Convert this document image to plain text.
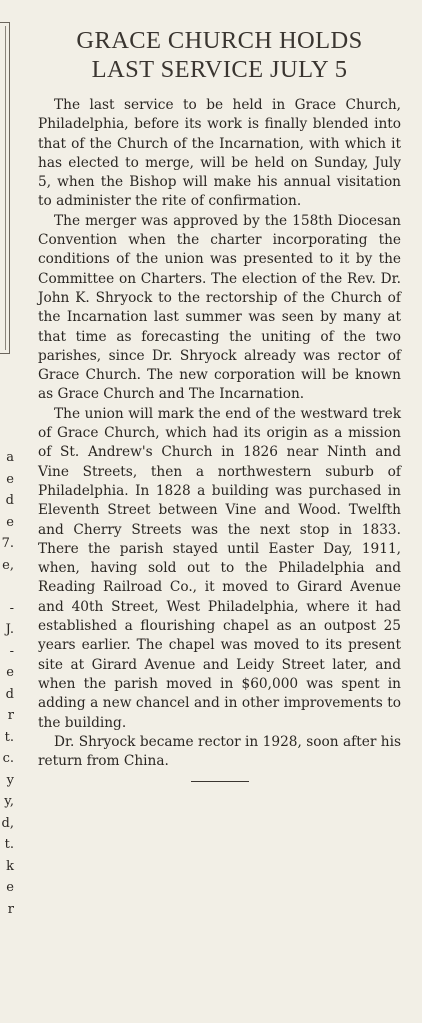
a
e
d
e
7.
e,
-
J.
-
e
d
r
t.
c.
y
y,
d,
t.
k
e
r
GRACE CHURCH HOLDS
LAST SERVICE JULY 5

The last service to be held in Grace Church, Philadelphia, before its work is finally blended into that of the Church of the Incarnation, with which it has elected to merge, will be held on Sunday, July 5, when the Bishop will make his annual visitation to administer the rite of confirmation.

The merger was approved by the 158th Diocesan Convention when the charter incorporating the conditions of the union was presented to it by the Committee on Charters. The election of the Rev. Dr. John K. Shryock to the rectorship of the Church of the Incarnation last summer was seen by many at that time as forecasting the uniting of the two parishes, since Dr. Shryock already was rector of Grace Church. The new corporation will be known as Grace Church and The Incarnation.

The union will mark the end of the westward trek of Grace Church, which had its origin as a mission of St. Andrew's Church in 1826 near Ninth and Vine Streets, then a northwestern suburb of Philadelphia. In 1828 a building was purchased in Eleventh Street between Vine and Wood. Twelfth and Cherry Streets was the next stop in 1833. There the parish stayed until Easter Day, 1911, when, having sold out to the Philadelphia and Reading Railroad Co., it moved to Girard Avenue and 40th Street, West Philadelphia, where it had established a flourishing chapel as an outpost 25 years earlier. The chapel was moved to its present site at Girard Avenue and Leidy Street later, and when the parish moved in $60,000 was spent in adding a new chancel and in other improvements to the building.

Dr. Shryock became rector in 1928, soon after his return from China.
